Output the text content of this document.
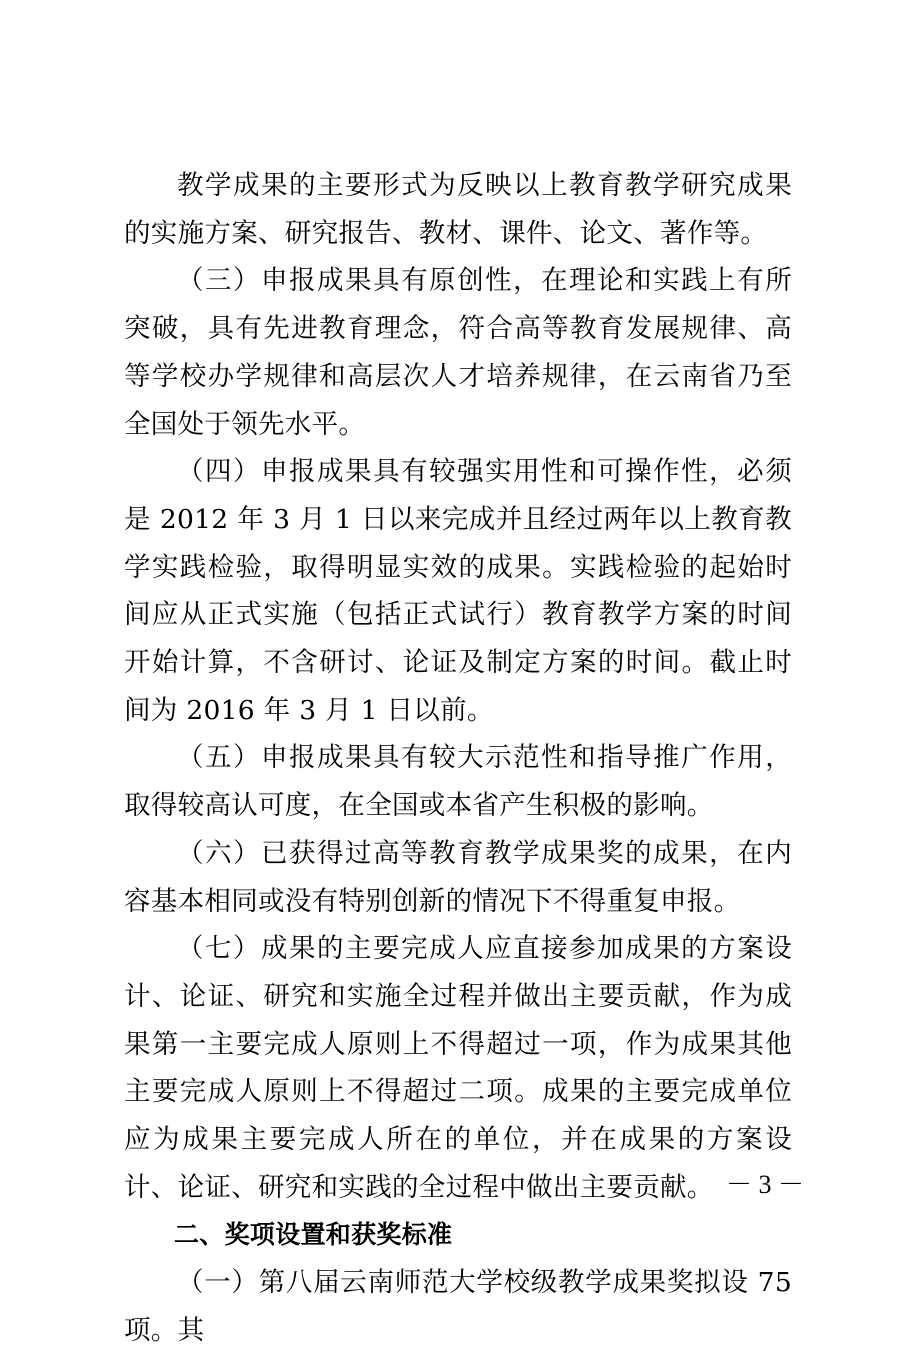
教学成果的主要形式为反映以上教育教学研究成果的实施方案、研究报告、教材、课件、论文、著作等。

（三）申报成果具有原创性，在理论和实践上有所突破，具有先进教育理念，符合高等教育发展规律、高等学校办学规律和高层次人才培养规律，在云南省乃至全国处于领先水平。

（四）申报成果具有较强实用性和可操作性，必须是 2012 年 3 月 1 日以来完成并且经过两年以上教育教学实践检验，取得明显实效的成果。实践检验的起始时间应从正式实施（包括正式试行）教育教学方案的时间开始计算，不含研讨、论证及制定方案的时间。截止时间为 2016 年 3 月 1 日以前。

（五）申报成果具有较大示范性和指导推广作用，取得较高认可度，在全国或本省产生积极的影响。

（六）已获得过高等教育教学成果奖的成果，在内容基本相同或没有特别创新的情况下不得重复申报。

（七）成果的主要完成人应直接参加成果的方案设计、论证、研究和实施全过程并做出主要贡献，作为成果第一主要完成人原则上不得超过一项，作为成果其他主要完成人原则上不得超过二项。成果的主要完成单位应为成果主要完成人所在的单位，并在成果的方案设计、论证、研究和实践的全过程中做出主要贡献。

二、奖项设置和获奖标准

（一）第八届云南师范大学校级教学成果奖拟设 75 项。其

－ 3 －
